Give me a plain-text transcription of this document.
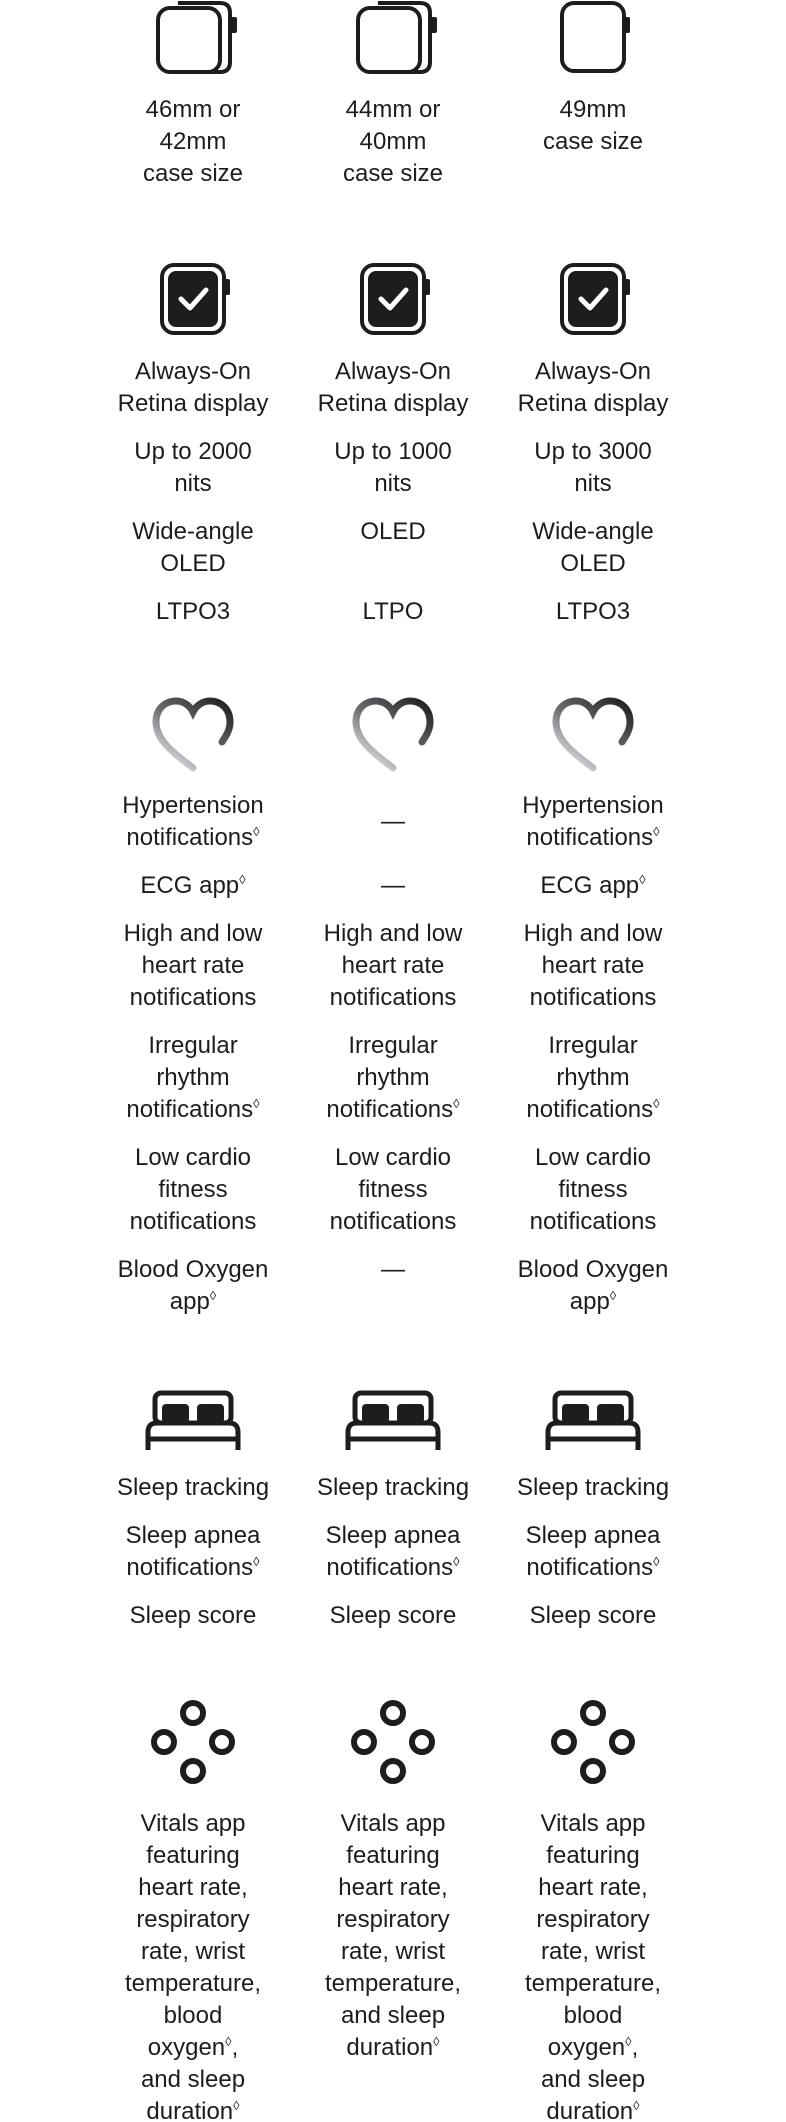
46mm or
42mm
case size
Always-On
Retina display
Up to 2000
nits
Wide-angle
OLED
LTPO3
Hypertension
notifications◊
ECG app◊
High and low
heart rate
notifications
Irregular
rhythm
notifications◊
Low cardio
fitness
notifications
Blood Oxygen
app◊
Sleep tracking
Sleep apnea
notifications◊
Sleep score
Vitals app
featuring
heart rate,
respiratory
rate, wrist
temperature,
blood
oxygen◊,
and sleep
duration◊
44mm or
40mm
case size
Always-On
Retina display
Up to 1000
nits
OLED
LTPO
—
—
High and low
heart rate
notifications
Irregular
rhythm
notifications◊
Low cardio
fitness
notifications
—
Sleep tracking
Sleep apnea
notifications◊
Sleep score
Vitals app
featuring
heart rate,
respiratory
rate, wrist
temperature,
and sleep
duration◊
49mm
case size
Always-On
Retina display
Up to 3000
nits
Wide-angle
OLED
LTPO3
Hypertension
notifications◊
ECG app◊
High and low
heart rate
notifications
Irregular
rhythm
notifications◊
Low cardio
fitness
notifications
Blood Oxygen
app◊
Sleep tracking
Sleep apnea
notifications◊
Sleep score
Vitals app
featuring
heart rate,
respiratory
rate, wrist
temperature,
blood
oxygen◊,
and sleep
duration◊
